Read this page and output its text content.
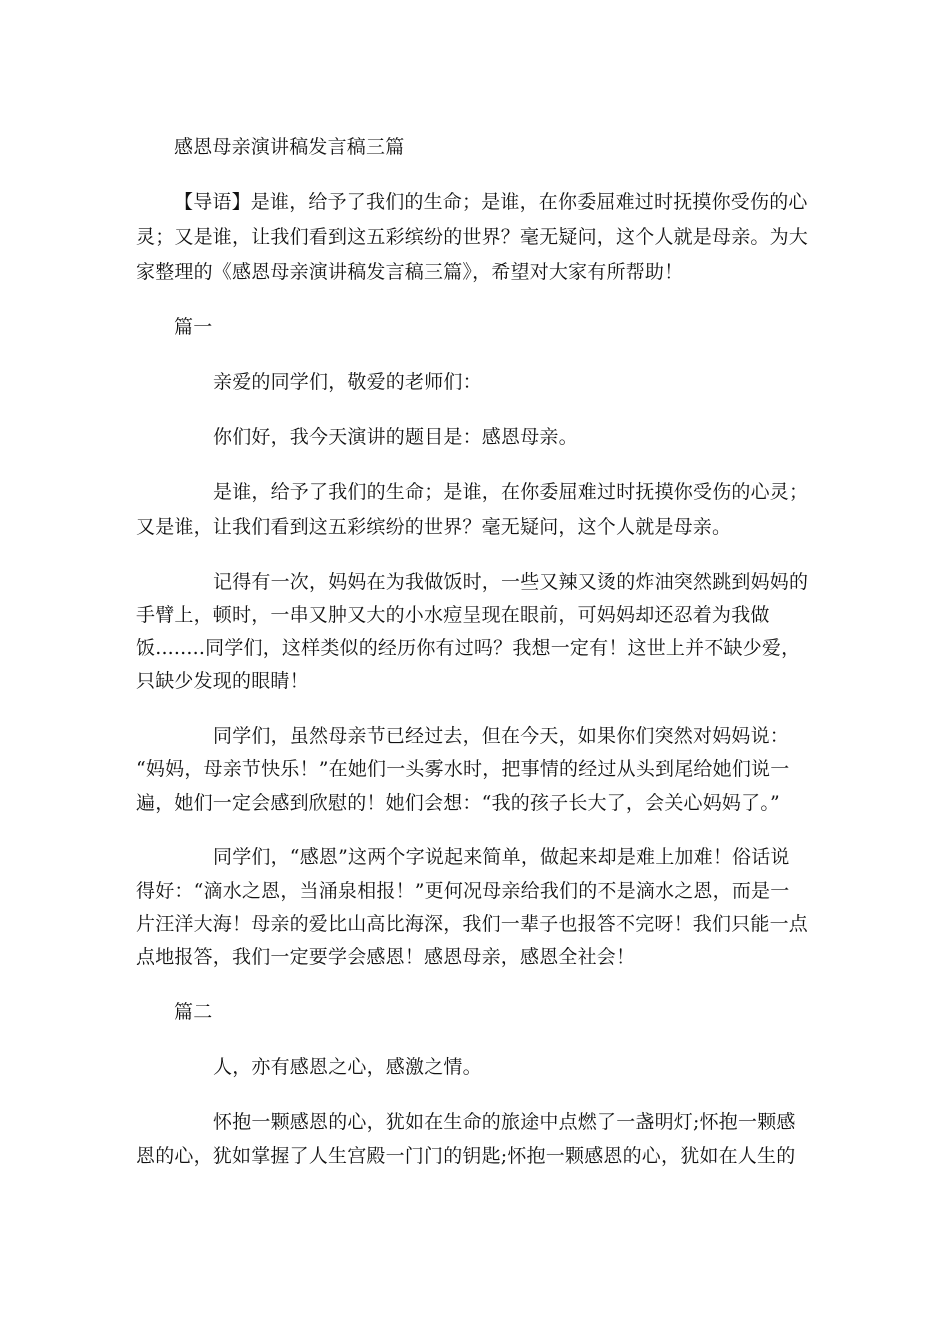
感恩母亲演讲稿发言稿三篇
【导语】是谁，给予了我们的生命；是谁，在你委屈难过时抚摸你受伤的心
灵；又是谁，让我们看到这五彩缤纷的世界？毫无疑问，这个人就是母亲。为大
家整理的《感恩母亲演讲稿发言稿三篇》，希望对大家有所帮助！
篇一
亲爱的同学们，敬爱的老师们：
你们好，我今天演讲的题目是：感恩母亲。
是谁，给予了我们的生命；是谁，在你委屈难过时抚摸你受伤的心灵；
又是谁，让我们看到这五彩缤纷的世界？毫无疑问，这个人就是母亲。
记得有一次，妈妈在为我做饭时，一些又辣又烫的炸油突然跳到妈妈的
手臂上，顿时，一串又肿又大的小水痘呈现在眼前，可妈妈却还忍着为我做
饭........同学们，这样类似的经历你有过吗？我想一定有！这世上并不缺少爱，
只缺少发现的眼睛！
同学们，虽然母亲节已经过去，但在今天，如果你们突然对妈妈说：
“妈妈，母亲节快乐！”在她们一头雾水时，把事情的经过从头到尾给她们说一
遍，她们一定会感到欣慰的！她们会想：“我的孩子长大了，会关心妈妈了。”
同学们，“感恩”这两个字说起来简单，做起来却是难上加难！俗话说
得好：“滴水之恩，当涌泉相报！”更何况母亲给我们的不是滴水之恩，而是一
片汪洋大海！母亲的爱比山高比海深，我们一辈子也报答不完呀！我们只能一点
点地报答，我们一定要学会感恩！感恩母亲，感恩全社会！
篇二
人，亦有感恩之心，感激之情。
怀抱一颗感恩的心，犹如在生命的旅途中点燃了一盏明灯;怀抱一颗感
恩的心，犹如掌握了人生宫殿一门门的钥匙;怀抱一颗感恩的心，犹如在人生的
